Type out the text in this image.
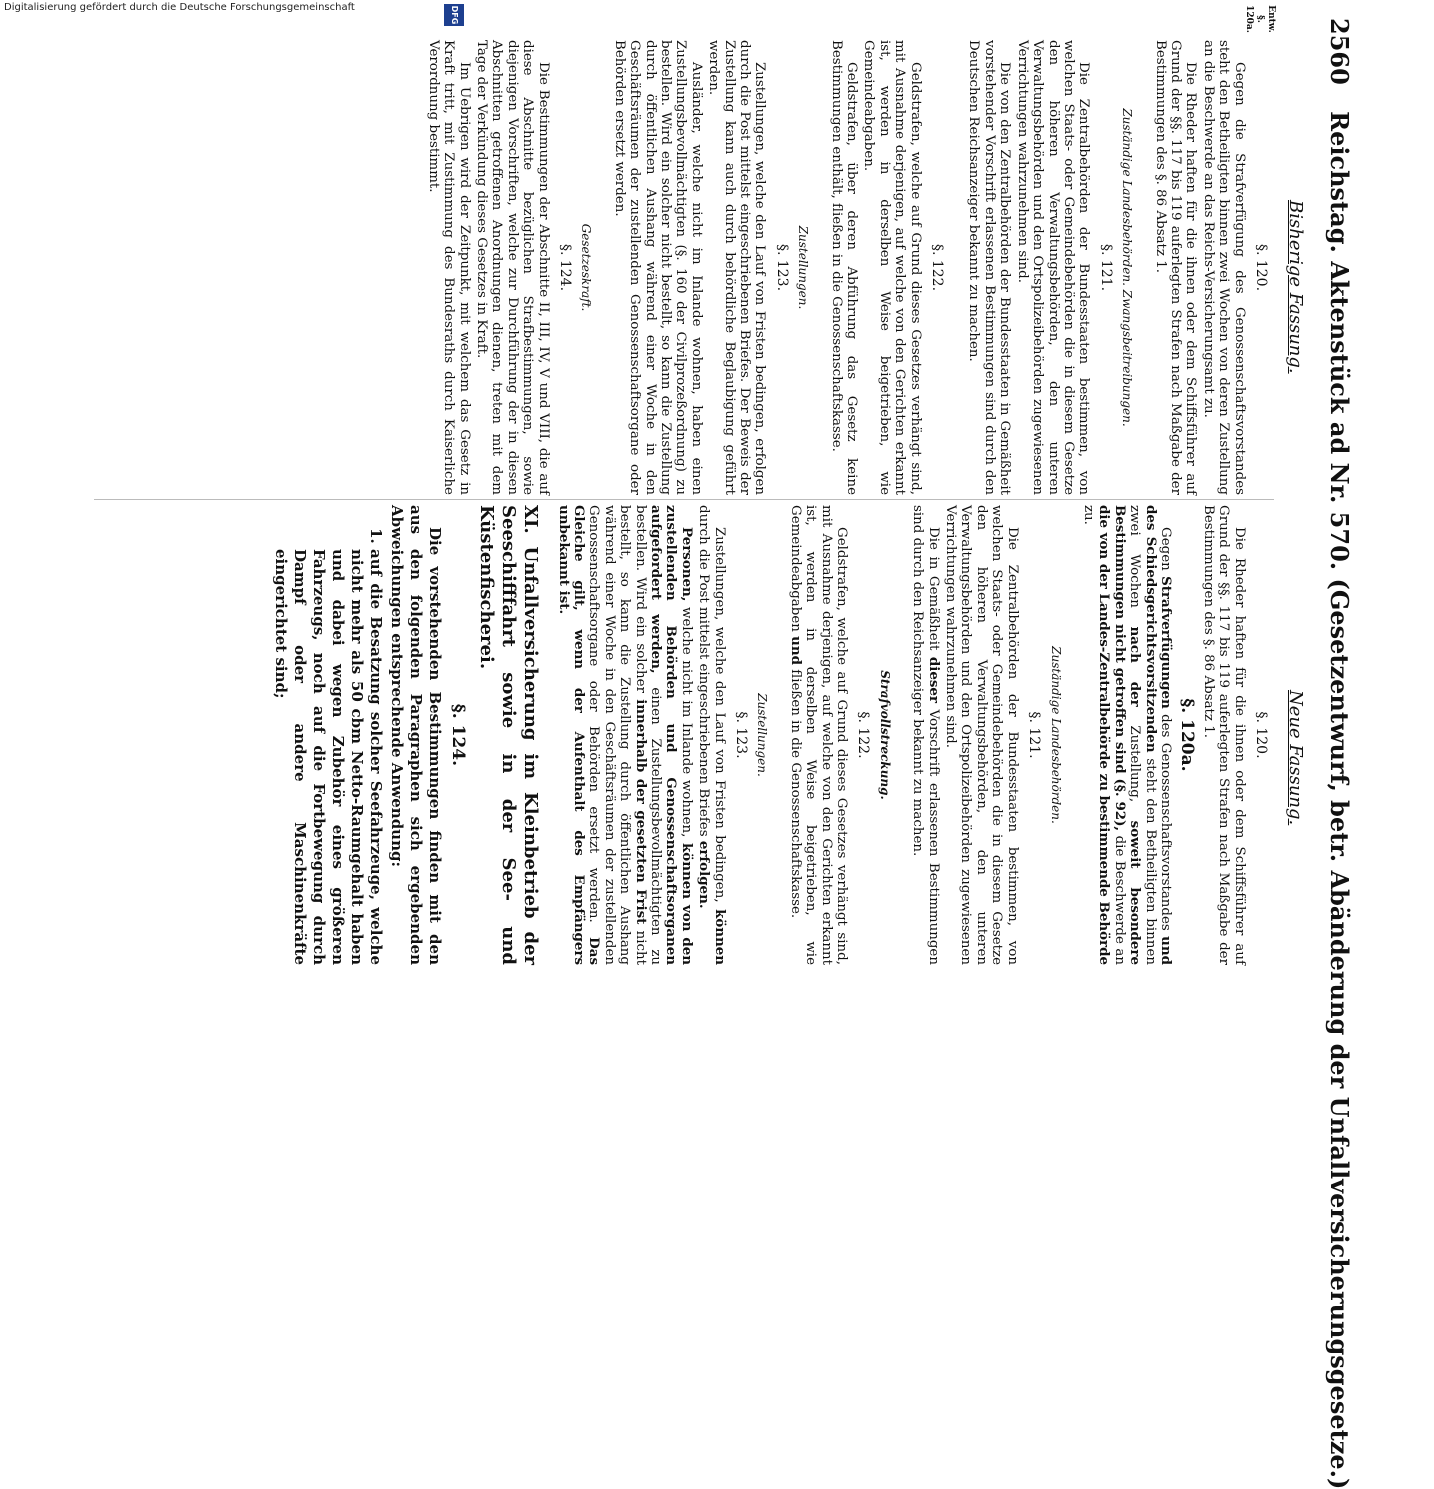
2560 Reichstag. Aktenstück ad Nr. 570. (Gesetzentwurf, betr. Abänderung der Unfallversicherungsgesetze.)
Bisherige Fassung.
Neue Fassung.
Entw. §. 120a.

§. 120.

Gegen die Strafverfügung des Genossenschaftsvorstandes steht den Betheiligten binnen zwei Wochen von deren Zustellung an die Beschwerde an das Reichs-Versicherungsamt zu.

Die Rheder haften für die ihnen oder dem Schiffsführer auf Grund der §§. 117 bis 119 auferlegten Strafen nach Maßgabe der Bestimmungen des §. 86 Absatz 1.

Zuständige Landesbehörden. Zwangsbeitreibungen.

§. 121.

Die Zentralbehörden der Bundesstaaten bestimmen, von welchen Staats- oder Gemeindebehörden die in diesem Gesetze den höheren Verwaltungsbehörden, den unteren Verwaltungsbehörden und den Ortspolizeibehörden zugewiesenen Verrichtungen wahrzunehmen sind.

Die von den Zentralbehörden der Bundesstaaten in Gemäßheit vorstehender Vorschrift erlassenen Bestimmungen sind durch den Deutschen Reichsanzeiger bekannt zu machen.

§. 122.

Geldstrafen, welche auf Grund dieses Gesetzes verhängt sind, mit Ausnahme derjenigen, auf welche von den Gerichten erkannt ist, werden in derselben Weise beigetrieben, wie Gemeindeabgaben.

Geldstrafen, über deren Abführung das Gesetz keine Bestimmungen enthält, fließen in die Genossenschaftskasse.

Zustellungen.

§. 123.

Zustellungen, welche den Lauf von Fristen bedingen, erfolgen durch die Post mittelst eingeschriebenen Briefes. Der Beweis der Zustellung kann auch durch behördliche Beglaubigung geführt werden.

Ausländer, welche nicht im Inlande wohnen, haben einen Zustellungsbevollmächtigten (§. 160 der Civilprozeßordnung) zu bestellen. Wird ein solcher nicht bestellt, so kann die Zustellung durch öffentlichen Aushang während einer Woche in den Geschäftsräumen der zustellenden Genossenschaftsorgane oder Behörden ersetzt werden.

Gesetzeskraft.

§. 124.

Die Bestimmungen der Abschnitte II, III, IV, V und VIII, die auf diese Abschnitte bezüglichen Strafbestimmungen, sowie diejenigen Vorschriften, welche zur Durchführung der in diesen Abschnitten getroffenen Anordnungen dienen, treten mit dem Tage der Verkündung dieses Gesetzes in Kraft.

Im Uebrigen wird der Zeitpunkt, mit welchem das Gesetz in Kraft tritt, mit Zustimmung des Bundesraths durch Kaiserliche Verordnung bestimmt.

§. 120.

Die Rheder haften für die ihnen oder dem Schiffsführer auf Grund der §§. 117 bis 119 auferlegten Strafen nach Maßgabe der Bestimmungen des §. 86 Absatz 1.

§. 120a.

Gegen Strafverfügungen des Genossenschaftsvorstandes und des Schiedsgerichtsvorsitzenden steht den Betheiligten binnen zwei Wochen nach der Zustellung, soweit besondere Bestimmungen nicht getroffen sind (§. 92), die Beschwerde an die von der Landes-Zentralbehörde zu bestimmende Behörde zu.

Zuständige Landesbehörden.

§. 121.

Die Zentralbehörden der Bundesstaaten bestimmen, von welchen Staats- oder Gemeindebehörden die in diesem Gesetze den höheren Verwaltungsbehörden, den unteren Verwaltungsbehörden und den Ortspolizeibehörden zugewiesenen Verrichtungen wahrzunehmen sind.

Die in Gemäßheit dieser Vorschrift erlassenen Bestimmungen sind durch den Reichsanzeiger bekannt zu machen.

Strafvollstreckung.

§. 122.

Geldstrafen, welche auf Grund dieses Gesetzes verhängt sind, mit Ausnahme derjenigen, auf welche von den Gerichten erkannt ist, werden in derselben Weise beigetrieben, wie Gemeindeabgaben und fließen in die Genossenschaftskasse.

Zustellungen.

§. 123.

Zustellungen, welche den Lauf von Fristen bedingen, können durch die Post mittelst eingeschriebenen Briefes erfolgen.

Personen, welche nicht im Inlande wohnen, können von den zustellenden Behörden und Genossenschaftsorganen aufgefordert werden, einen Zustellungsbevollmächtigten zu bestellen. Wird ein solcher innerhalb der gesetzten Frist nicht bestellt, so kann die Zustellung durch öffentlichen Aushang während einer Woche in den Geschäftsräumen der zustellenden Genossenschaftsorgane oder Behörden ersetzt werden. Das Gleiche gilt, wenn der Aufenthalt des Empfängers unbekannt ist.

XI. Unfallversicherung im Kleinbetrieb der Seeschifffahrt sowie in der See- und Küstenfischerei.

§. 124.

Die vorstehenden Bestimmungen finden mit den aus den folgenden Paragraphen sich ergebenden Abweichungen entsprechende Anwendung:

1. auf die Besatzung solcher Seefahrzeuge, welche nicht mehr als 50 cbm Netto-Raumgehalt haben und dabei wegen Zubehör eines größeren Fahrzeugs, noch auf die Fortbewegung durch Dampf oder andere Maschinenkräfte eingerichtet sind;
DFG
Digitalisierung gefördert durch die Deutsche Forschungsgemeinschaft
